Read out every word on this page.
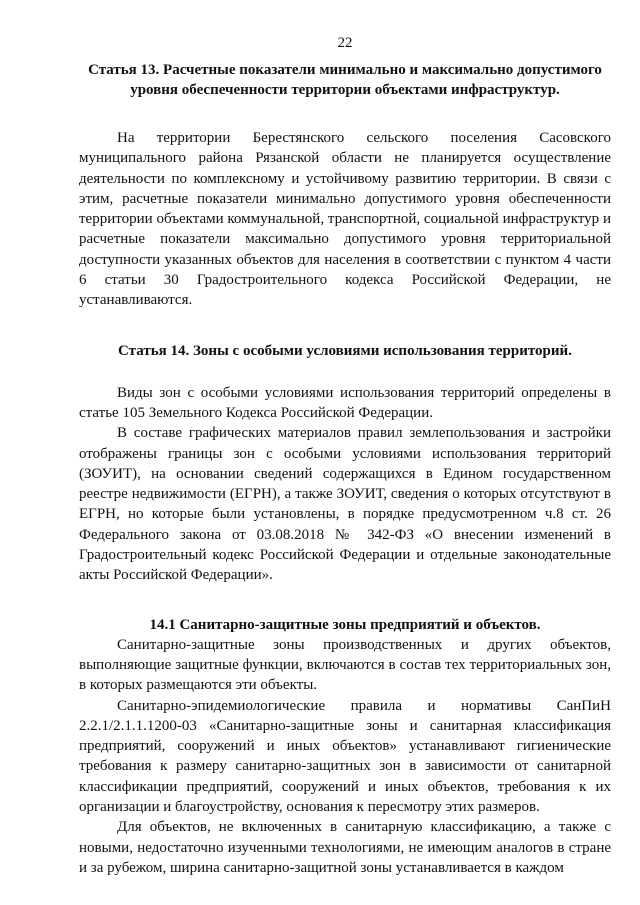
22
Статья 13. Расчетные показатели минимально и максимально допустимого уровня обеспеченности территории объектами инфраструктур.

На территории Берестянского сельского поселения Сасовского муниципального района Рязанской области не планируется осуществление деятельности по комплексному и устойчивому развитию территории. В связи с этим, расчетные показатели минимально допустимого уровня обеспеченности территории объектами коммунальной, транспортной, социальной инфраструктур и расчетные показатели максимально допустимого уровня территориальной доступности указанных объектов для населения в соответствии с пунктом 4 части 6 статьи 30 Градостроительного кодекса Российской Федерации, не устанавливаются.

Статья 14. Зоны с особыми условиями использования территорий.

Виды зон с особыми условиями использования территорий определены в статье 105 Земельного Кодекса Российской Федерации.

В составе графических материалов правил землепользования и застройки отображены границы зон с особыми условиями использования территорий (ЗОУИТ), на основании сведений содержащихся в Едином государственном реестре недвижимости (ЕГРН), а также ЗОУИТ, сведения о которых отсутствуют в ЕГРН, но которые были установлены, в порядке предусмотренном ч.8 ст. 26 Федерального закона от 03.08.2018 № 342-ФЗ «О внесении изменений в Градостроительный кодекс Российской Федерации и отдельные законодательные акты Российской Федерации».

14.1 Санитарно-защитные зоны предприятий и объектов.

Санитарно-защитные зоны производственных и других объектов, выполняющие защитные функции, включаются в состав тех территориальных зон, в которых размещаются эти объекты.

Санитарно-эпидемиологические правила и нормативы СанПиН 2.2.1/2.1.1.1200-03 «Санитарно-защитные зоны и санитарная классификация предприятий, сооружений и иных объектов» устанавливают гигиенические требования к размеру санитарно-защитных зон в зависимости от санитарной классификации предприятий, сооружений и иных объектов, требования к их организации и благоустройству, основания к пересмотру этих размеров.

Для объектов, не включенных в санитарную классификацию, а также с новыми, недостаточно изученными технологиями, не имеющим аналогов в стране и за рубежом, ширина санитарно-защитной зоны устанавливается в каждом
